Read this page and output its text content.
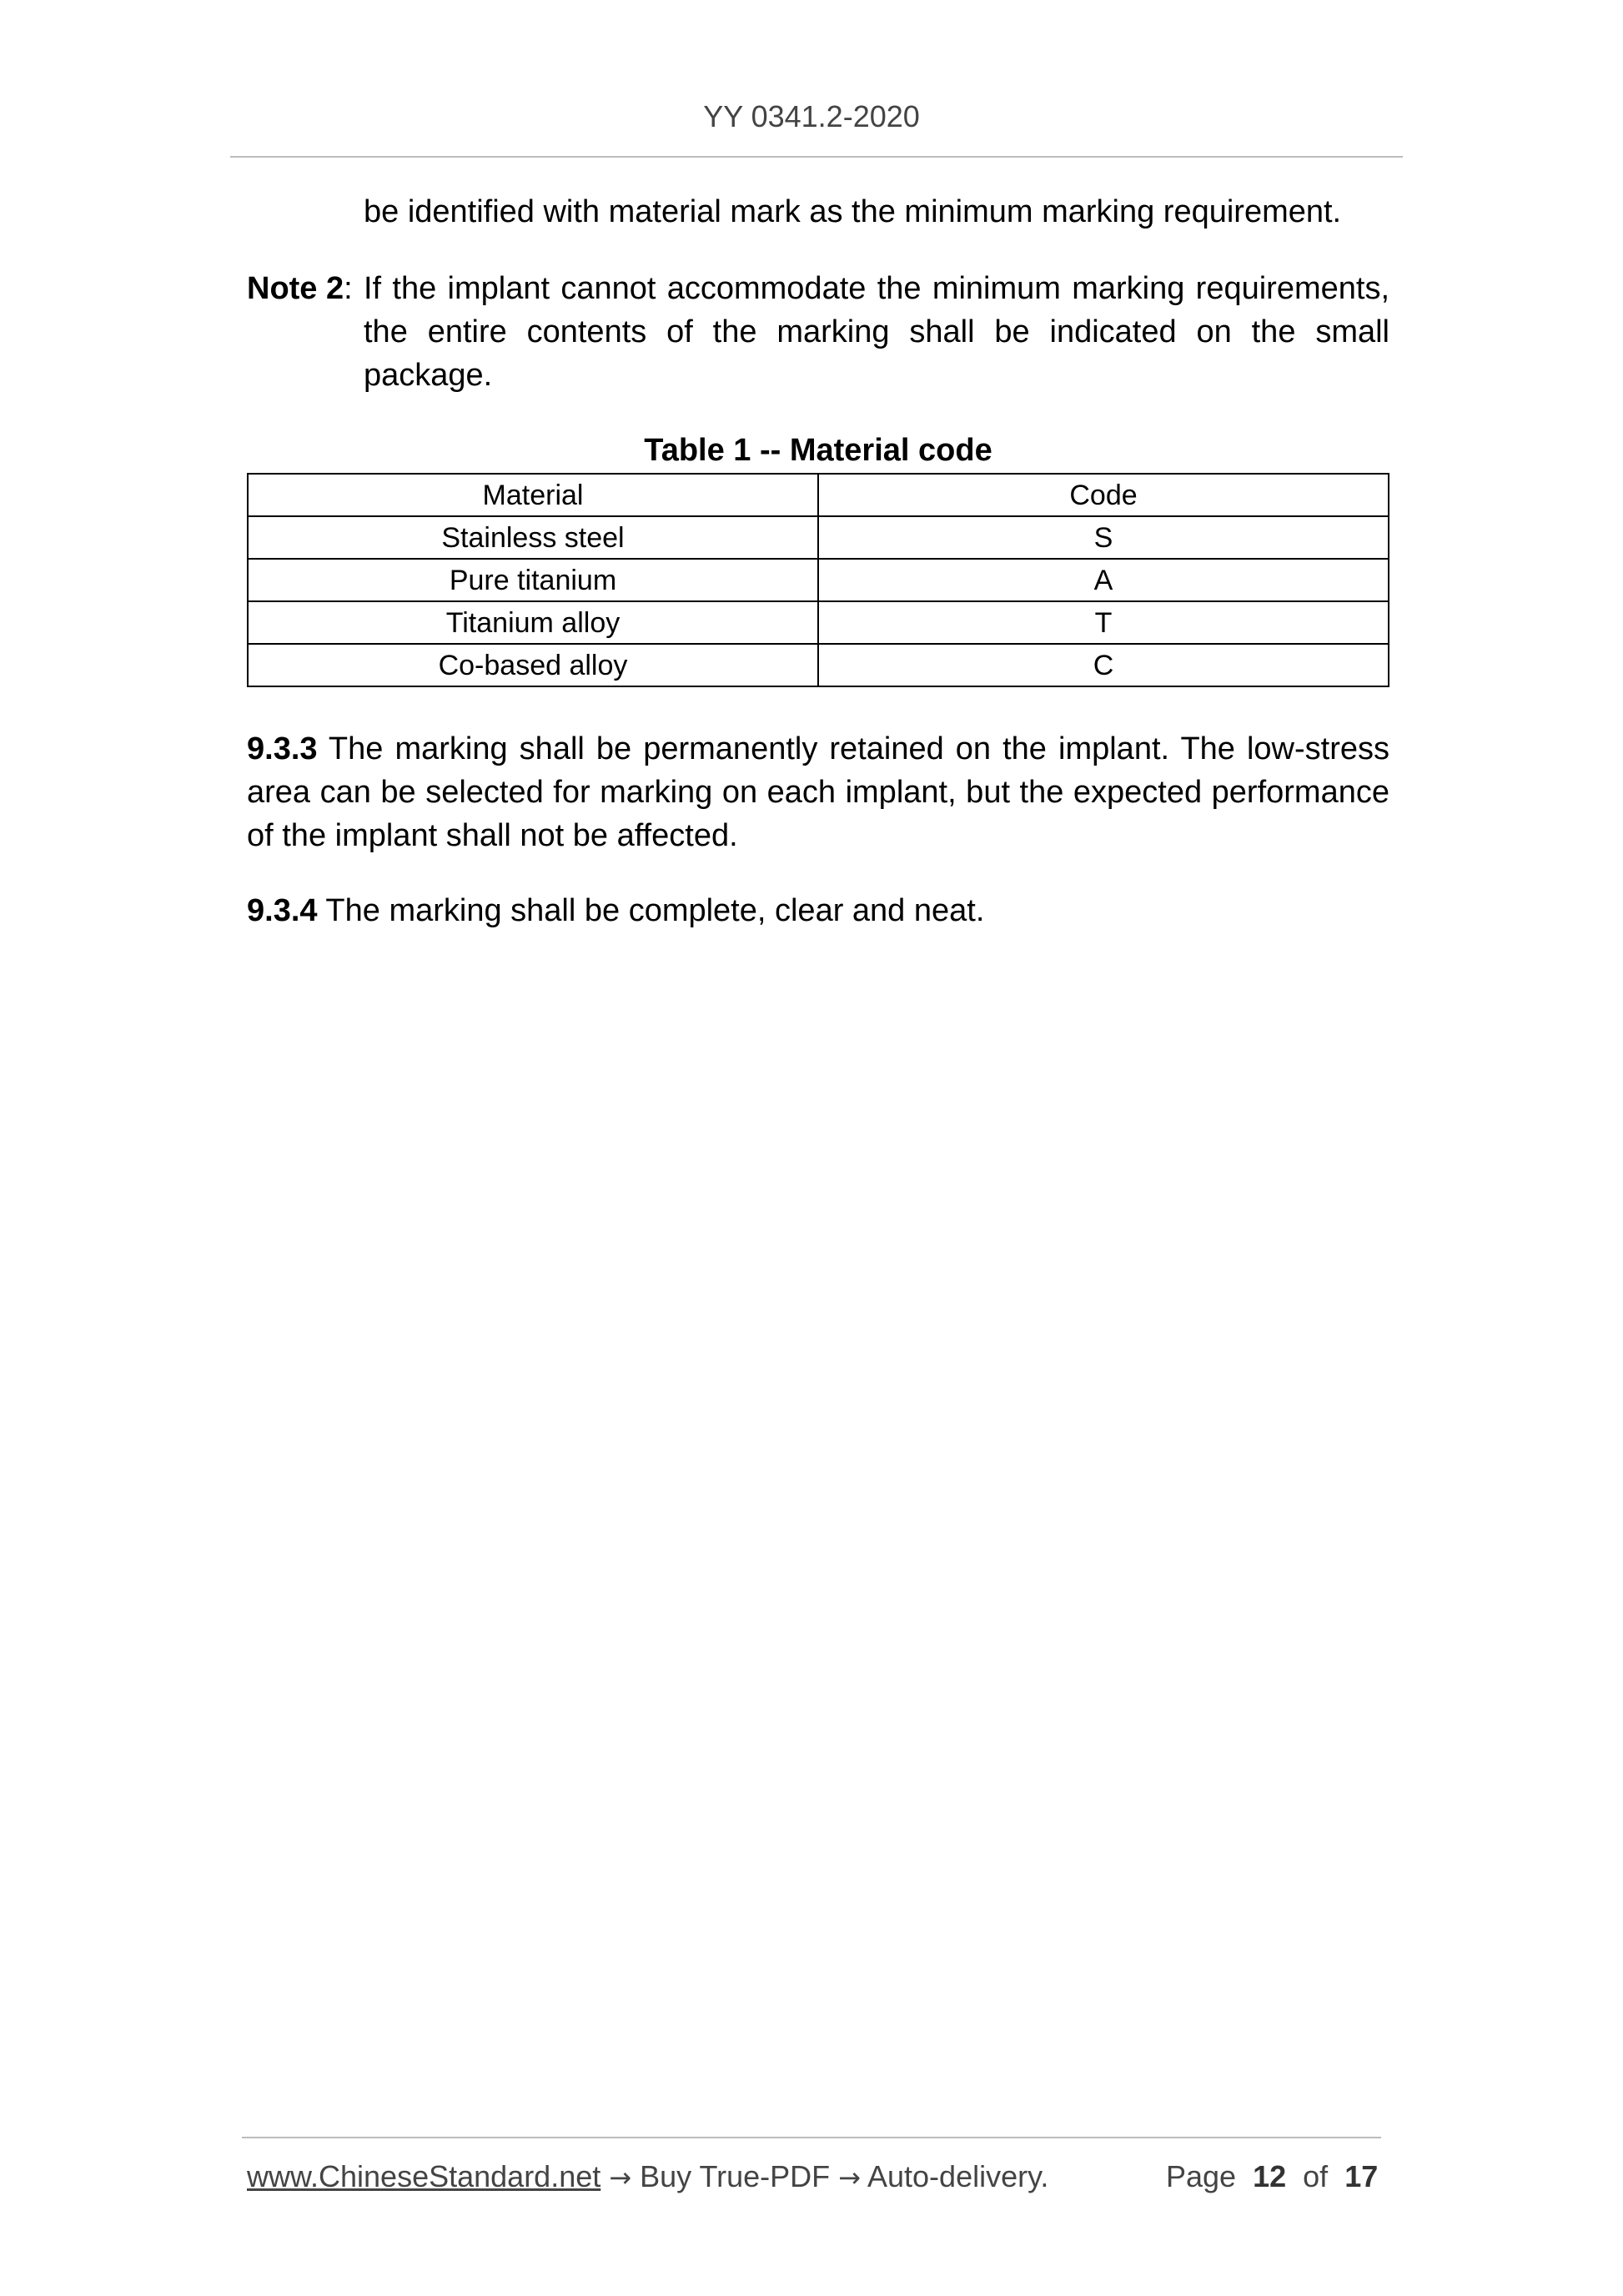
YY 0341.2-2020

be identified with material mark as the minimum marking requirement.

Note 2: If the implant cannot accommodate the minimum marking requirements, the entire contents of the marking shall be indicated on the small package.

Table 1 -- Material code
Material	Code
Stainless steel	S
Pure titanium	A
Titanium alloy	T
Co-based alloy	C

9.3.3 The marking shall be permanently retained on the implant. The low-stress area can be selected for marking on each implant, but the expected performance of the implant shall not be affected.

9.3.4 The marking shall be complete, clear and neat.

www.ChineseStandard.net → Buy True-PDF → Auto-delivery.	Page 12 of 17
